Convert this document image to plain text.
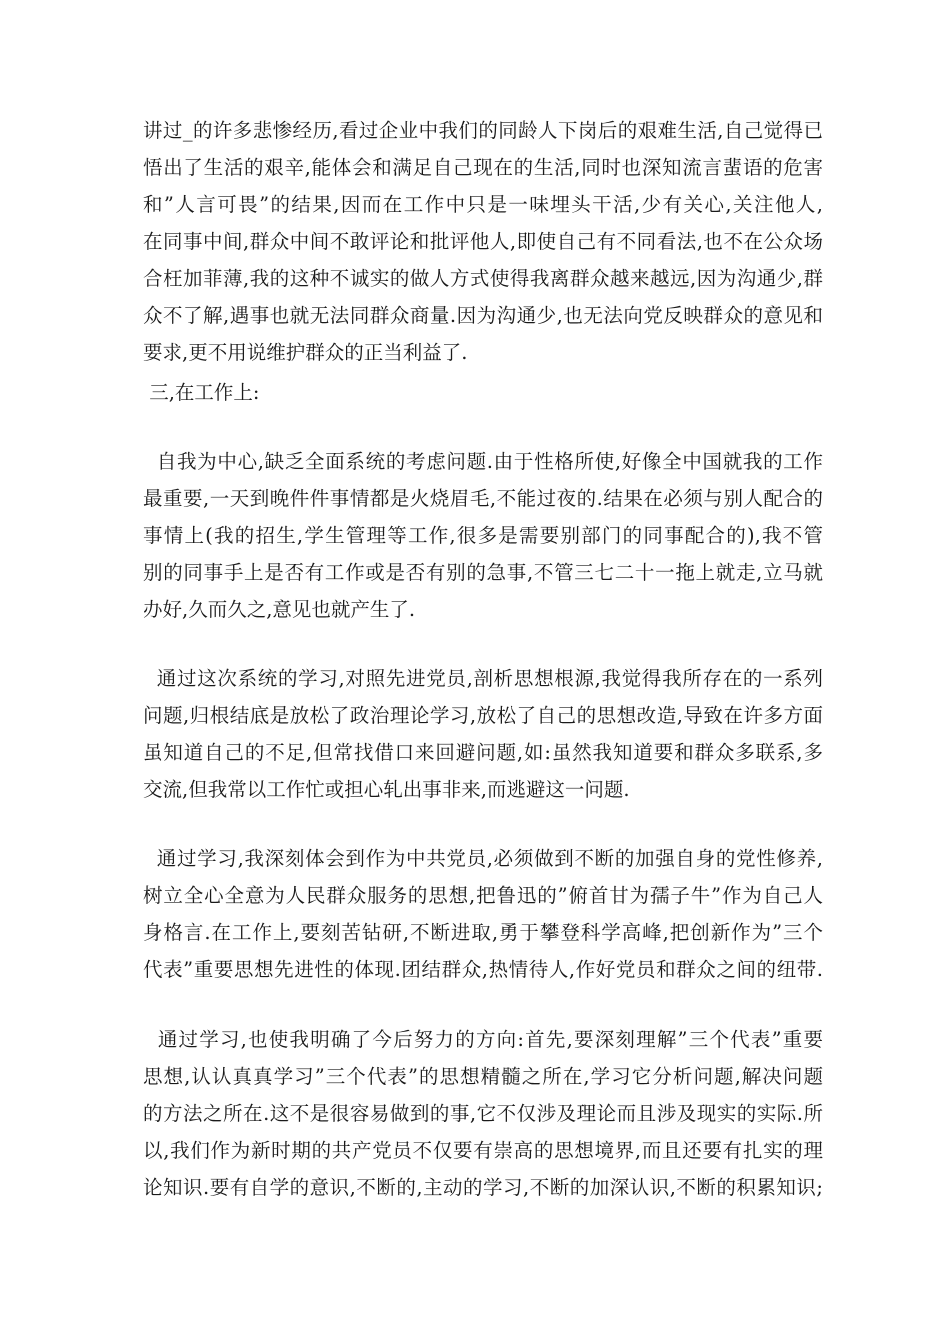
讲过_的许多悲惨经历,看过企业中我们的同龄人下岗后的艰难生活,自己觉得已
悟出了生活的艰辛,能体会和满足自己现在的生活,同时也深知流言蜚语的危害
和”人言可畏”的结果,因而在工作中只是一味埋头干活,少有关心,关注他人,
在同事中间,群众中间不敢评论和批评他人,即使自己有不同看法,也不在公众场
合枉加菲薄,我的这种不诚实的做人方式使得我离群众越来越远,因为沟通少,群
众不了解,遇事也就无法同群众商量.因为沟通少,也无法向党反映群众的意见和
要求,更不用说维护群众的正当利益了.
三,在工作上:
自我为中心,缺乏全面系统的考虑问题.由于性格所使,好像全中国就我的工作
最重要,一天到晚件件事情都是火烧眉毛,不能过夜的.结果在必须与别人配合的
事情上(我的招生,学生管理等工作,很多是需要别部门的同事配合的),我不管
别的同事手上是否有工作或是否有别的急事,不管三七二十一拖上就走,立马就
办好,久而久之,意见也就产生了.
通过这次系统的学习,对照先进党员,剖析思想根源,我觉得我所存在的一系列
问题,归根结底是放松了政治理论学习,放松了自己的思想改造,导致在许多方面
虽知道自己的不足,但常找借口来回避问题,如:虽然我知道要和群众多联系,多
交流,但我常以工作忙或担心轧出事非来,而逃避这一问题.
通过学习,我深刻体会到作为中共党员,必须做到不断的加强自身的党性修养,
树立全心全意为人民群众服务的思想,把鲁迅的”俯首甘为孺子牛”作为自己人
身格言.在工作上,要刻苦钻研,不断进取,勇于攀登科学高峰,把创新作为”三个
代表”重要思想先进性的体现.团结群众,热情待人,作好党员和群众之间的纽带.
通过学习,也使我明确了今后努力的方向:首先,要深刻理解”三个代表”重要
思想,认认真真学习”三个代表”的思想精髓之所在,学习它分析问题,解决问题
的方法之所在.这不是很容易做到的事,它不仅涉及理论而且涉及现实的实际.所
以,我们作为新时期的共产党员不仅要有崇高的思想境界,而且还要有扎实的理
论知识.要有自学的意识,不断的,主动的学习,不断的加深认识,不断的积累知识;
